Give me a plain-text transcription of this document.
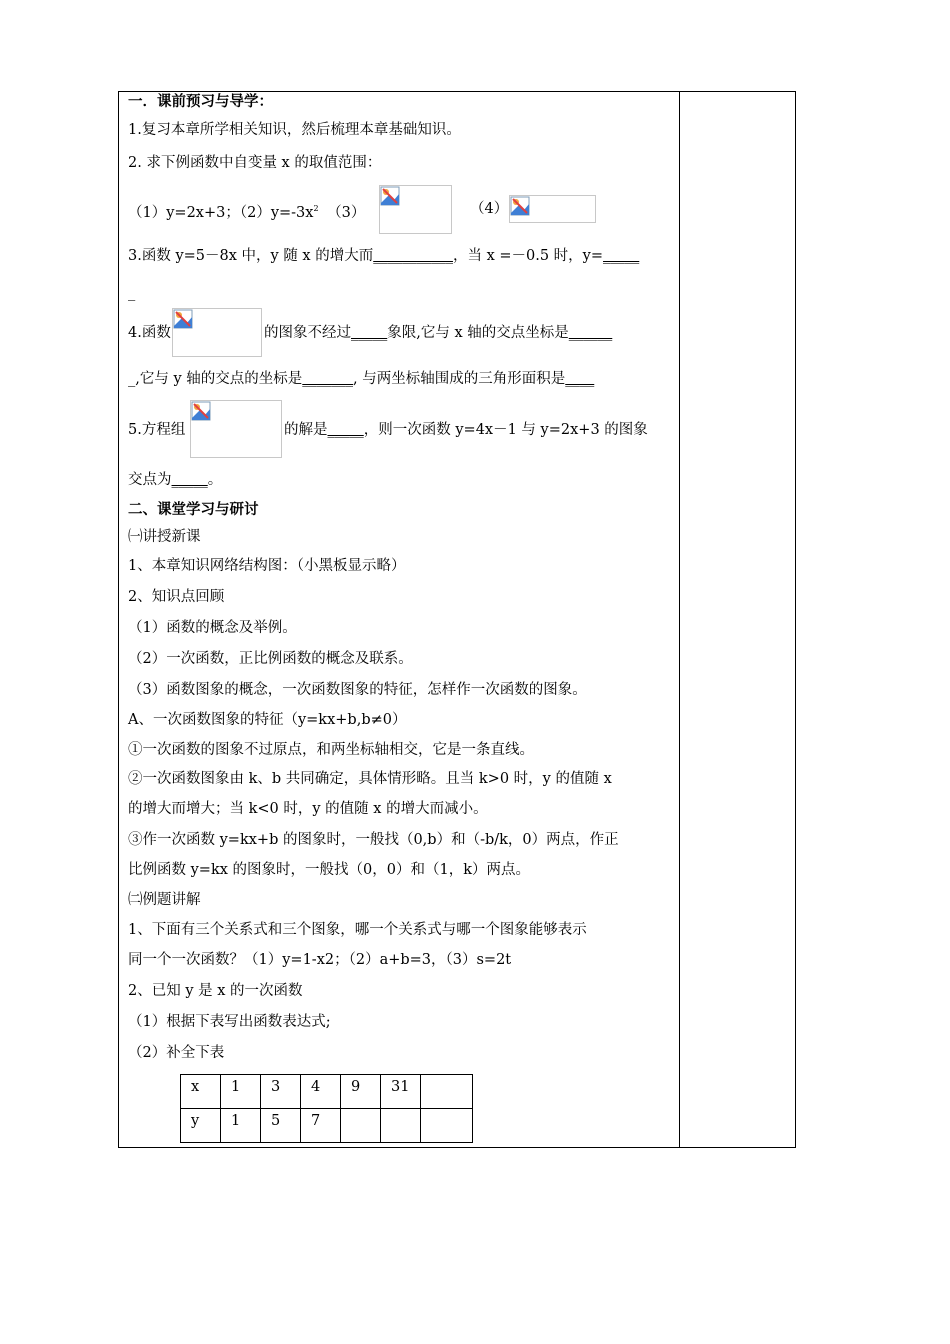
一．课前预习与导学：
1.复习本章所学相关知识，然后梳理本章基础知识。
2. 求下例函数中自变量 x 的取值范围：
（1）y=2x+3；$(2)y=-3x^2$ （3）	（4）
3.函数 y=5－8x 中，y 随 x 的增大而___________，当 x =－0.5 时，y=_____
_
4.函数	的图象不经过_____象限,它与 x 轴的交点坐标是______
_,它与 y 轴的交点的坐标是_______, 与两坐标轴围成的三角形面积是____
5.方程组	的解是_____，则一次函数 y=4x－1 与 y=2x+3 的图象
交点为_____。
二、课堂学习与研讨
㈠讲授新课
1、本章知识网络结构图：（小黑板显示略）
2、知识点回顾
（1）函数的概念及举例。
（2）一次函数，正比例函数的概念及联系。
（3）函数图象的概念，一次函数图象的特征，怎样作一次函数的图象。
A、一次函数图象的特征（y=kx+b,b≠0）
①一次函数的图象不过原点，和两坐标轴相交，它是一条直线。
②一次函数图象由 k、b 共同确定，具体情形略。且当 k>0 时，y 的值随 x
的增大而增大；当 k<0 时，y 的值随 x 的增大而减小。
③作一次函数 y=kx+b 的图象时，一般找（0,b）和（-b/k，0）两点，作正
比例函数 y=kx 的图象时，一般找（0，0）和（1，k）两点。
㈡例题讲解
1、下面有三个关系式和三个图象，哪一个关系式与哪一个图象能够表示
同一个一次函数？（1）y=1-x2；（2）a+b=3，（3）s=2t
2、已知 y 是 x 的一次函数
（1）根据下表写出函数表达式;
（2）补全下表
x	1	3	4	9	31	
y	1	5	7			
